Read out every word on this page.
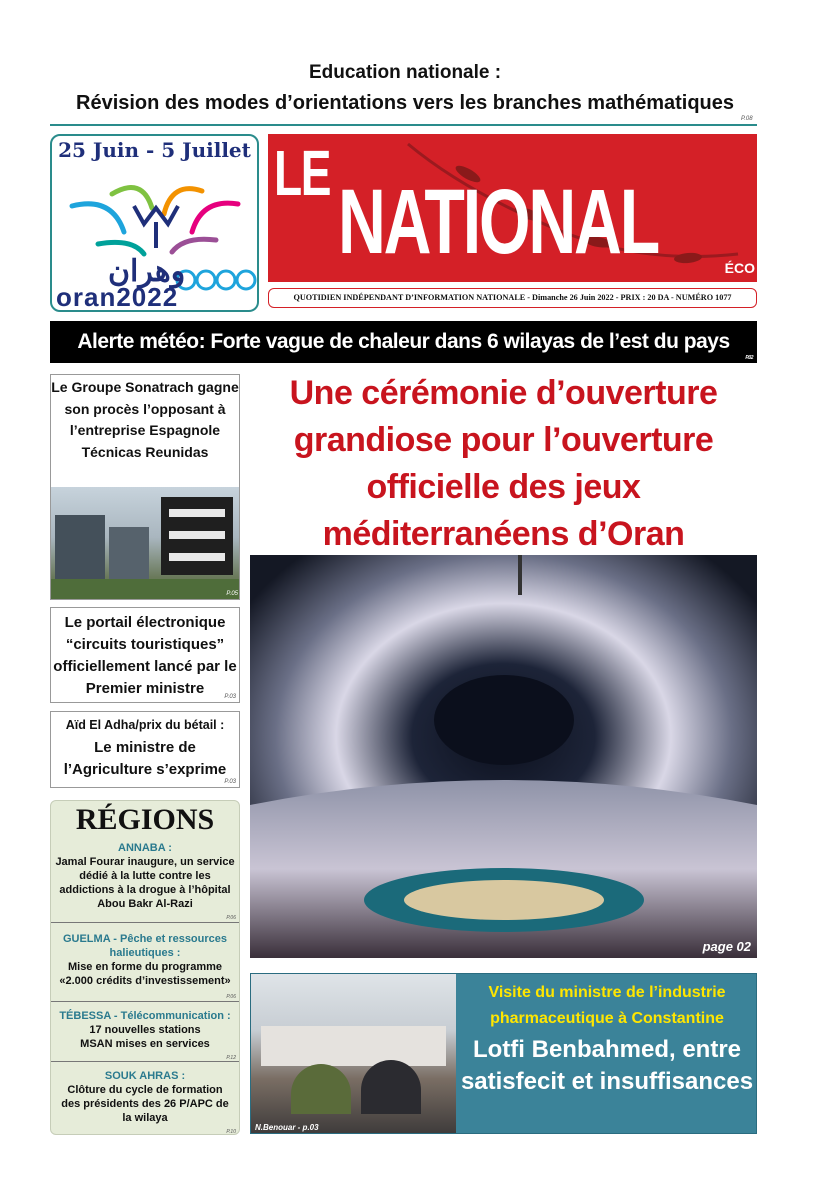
Education nationale :
Révision des modes d’orientations vers les branches mathématiques
P.08
25 Juin - 5 Juillet
وهران
oran2022
LE NATIONAL	ÉCO
QUOTIDIEN INDÉPENDANT D’INFORMATION NATIONALE - Dimanche 26 Juin 2022 - PRIX : 20 DA - NUMÉRO 1077
Alerte météo: Forte vague de chaleur dans 6 wilayas de l’est du pays
P.02
Le Groupe Sonatrach gagne son procès l’opposant à l’entreprise Espagnole Técnicas Reunidas
P.05
Le portail électronique “circuits touristiques” officiellement lancé par le Premier ministre	P.03
Aïd El Adha/prix du bétail :
Le ministre de l’Agriculture s’exprime
P.03
RÉGIONS
ANNABA :
Jamal Fourar inaugure, un service dédié à la lutte contre les addictions à la drogue à l’hôpital Abou Bakr Al-Razi
P.06
GUELMA - Pêche et ressources halieutiques :
Mise en forme du programme «2.000 crédits d’investissement»
P.06
TÉBESSA - Télécommunication :
17 nouvelles stations MSAN mises en services
P.12
SOUK AHRAS :
Clôture du cycle de formation des présidents des 26 P/APC de la wilaya
P.10
Une cérémonie d’ouverture grandiose pour l’ouverture officielle des jeux méditerranéens d’Oran
page 02
N.Benouar - p.03
Visite du ministre de l’industrie pharmaceutique à Constantine
Lotfi Benbahmed, entre satisfecit et insuffisances
